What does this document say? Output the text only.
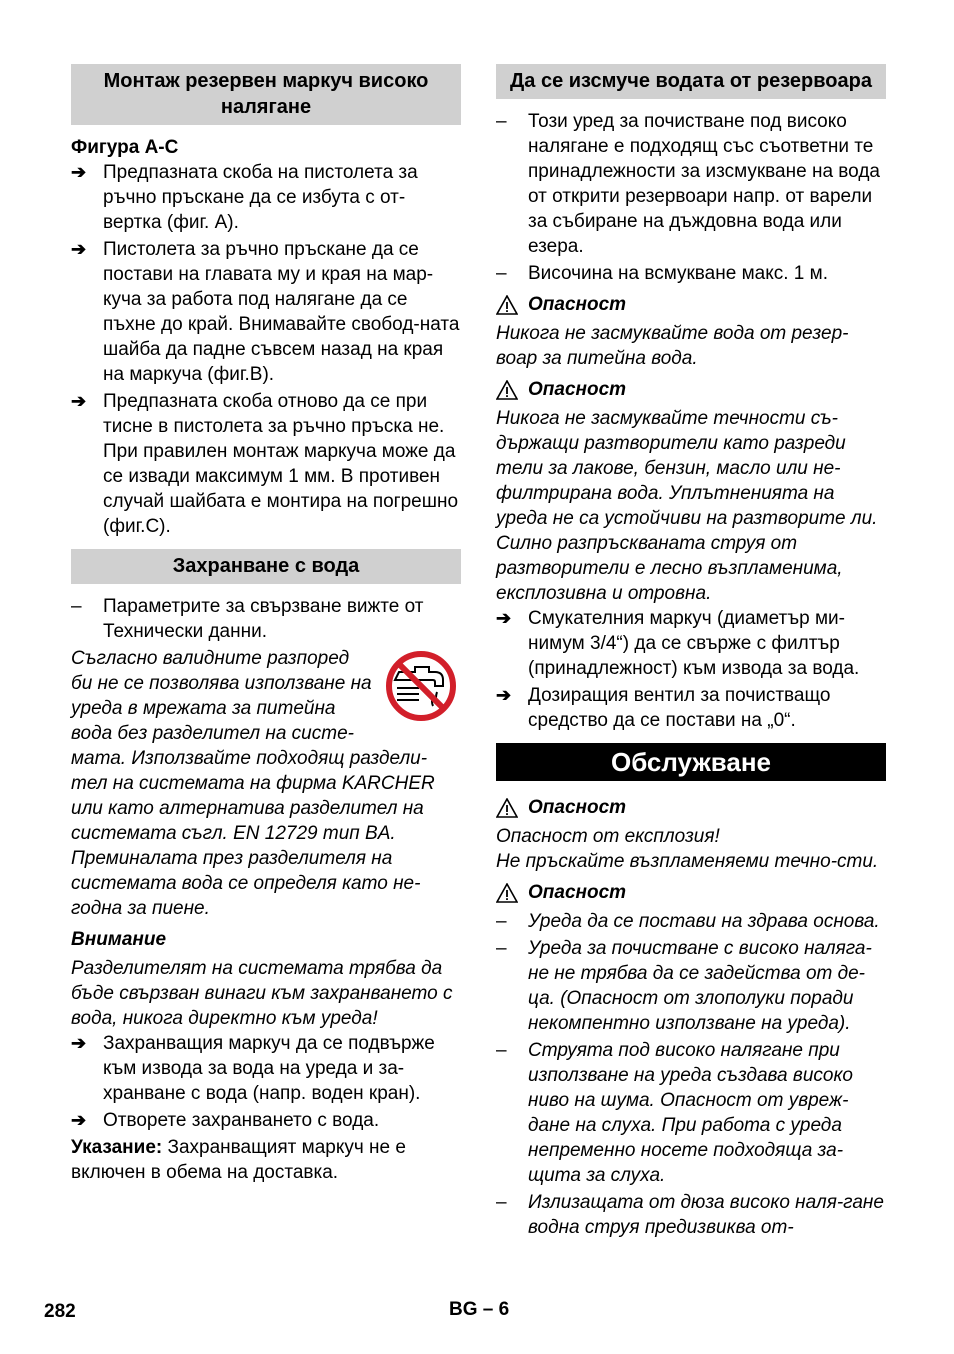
Монтаж резервен маркуч високо налягане

Фигура A-C

➔ Предпазната скоба на пистолета за ръчно пръскане да се избута с от-вертка (фиг. A).

➔ Пистолета за ръчно пръскане да се постави на главата му и края на мар-куча за работа под налягане да се пъхне до край. Внимавайте свобод-ната шайба да падне съвсем назад на края на маркуча (фиг.B).

➔ Предпазната скоба отново да се при тисне в пистолета за ръчно пръска не. При правилен монтаж маркуча може да се извади максимум 1 мм. В противен случай шайбата е монтира на погрешно (фиг.C).

Захранване с вода
–	Параметрите за свързване вижте от Технически данни.

Съгласно валидните разпоред би не се позволява използване на уреда в мрежата за питейна вода без разделител на систе-мата. Използвайте подходящ раздели-тел на системата на фирма KARCHER или като алтернатива разделител на системата съгл. EN 12729 тип BA. Преминалата през разделителя на системата вода се определя като не-годна за пиене.

Внимание

Разделителят на системата трябва да бъде свързван винаги към захранването с вода, никога директно към уреда!

➔ Захранващия маркуч да се подвърже към извода за вода на уреда и за-хранване с вода (напр. воден кран).

➔ Отворете захранването с вода.

Указание: Захранващият маркуч не е включен в обема на доставка.

Да се изсмуче водата от резервоара
–	Този уред за почистване под високо налягане е подходящ със съответни те принадлежности за изсмукване на вода от открити резервоари напр. от варели за събиране на дъждовна вода или езера.

–	Височина на всмукване макс. 1 м.

Опасност

Никога не засмуквайте вода от резер-воар за питейна вода.

Опасност

Никога не засмуквайте течности съ-държащи разтворители като разреди тели за лакове, бензин, масло или не-филтрирана вода. Уплътненията на уреда не са устойчиви на разтворите ли. Силно разпръскваната струя от разтворители е лесно възпламенима, експлозивна и отровна.

➔ Смукателния маркуч (диаметър ми-нимум 3/4“) да се свърже с филтър (принадлежност) към извода за вода.

➔ Дозиращия вентил за почистващо средство да се постави на „0“.

Обслужване
Опасност

Опасност от експлозия!

Не пръскайте възпламеняеми течно-сти.

Опасност
–	Уреда да се постави на здрава основа.

–	Уреда за почистване с високо наляга-не не трябва да се задейства от де-ца. (Опасност от злополуки поради некомпентно използване на уреда).

–	Струята под високо налягане при използване на уреда създава високо ниво на шума. Опасност от увреж-дане на слуха. При работа с уреда непременно носете подходяща за-щита за слуха.

–	Излизащата от дюза високо наля-гане водна струя предизвиква от-

282	BG – 6
